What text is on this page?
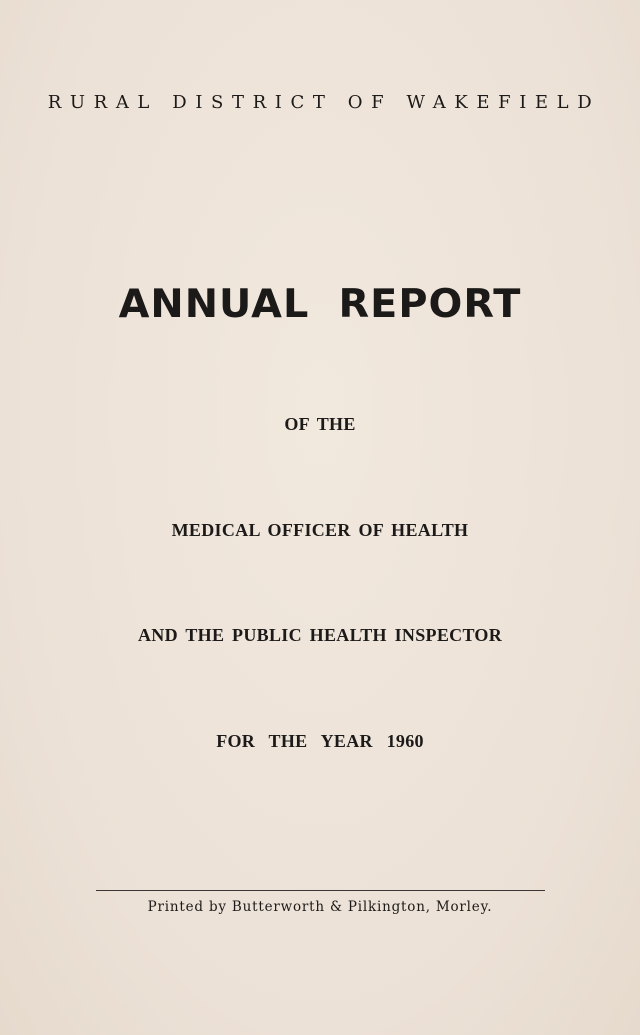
RURAL DISTRICT OF WAKEFIELD
ANNUAL REPORT
OF THE
MEDICAL OFFICER OF HEALTH
AND THE PUBLIC HEALTH INSPECTOR
FOR THE YEAR 1960
Printed by Butterworth & Pilkington, Morley.
